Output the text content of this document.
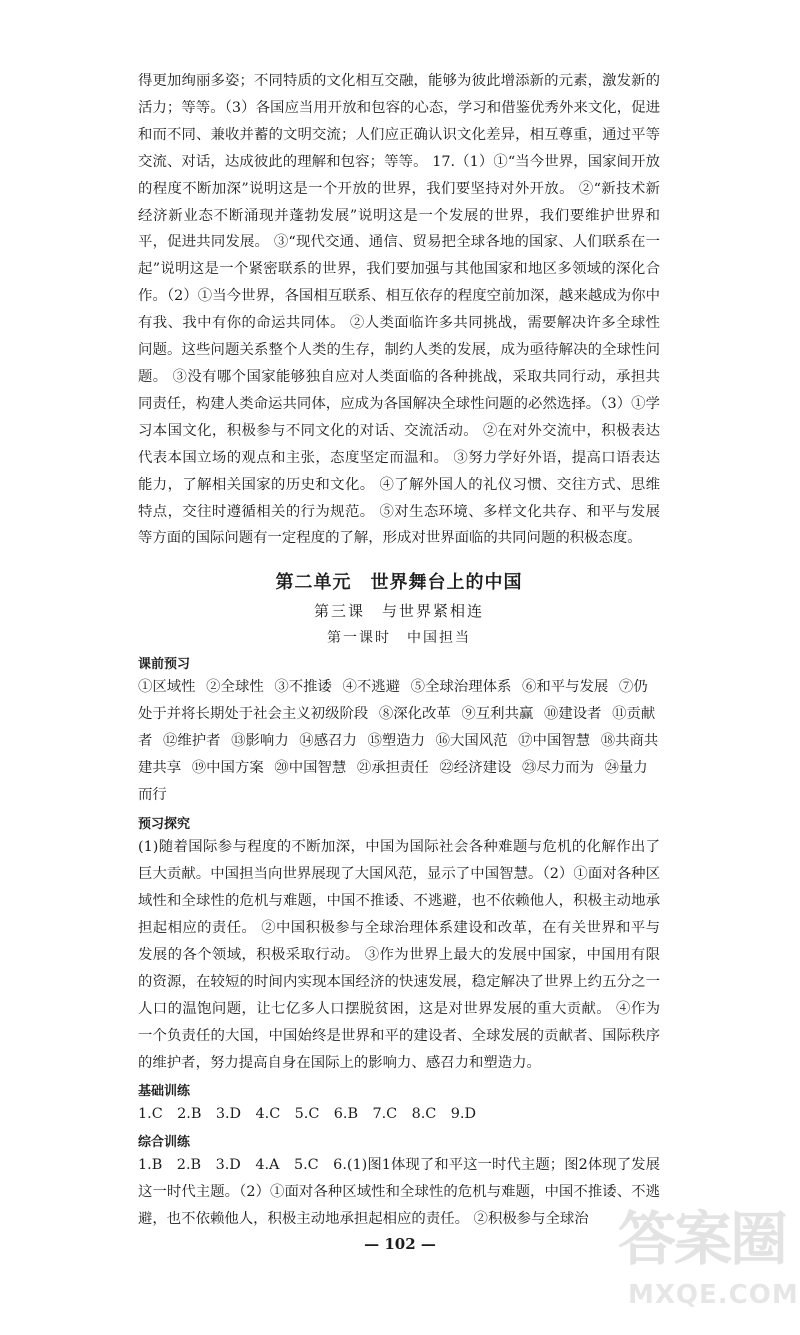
得更加绚丽多姿；不同特质的文化相互交融，能够为彼此增添新的元素，激发新的活力；等等。（3）各国应当用开放和包容的心态，学习和借鉴优秀外来文化，促进和而不同、兼收并蓄的文明交流；人们应正确认识文化差异，相互尊重，通过平等交流、对话，达成彼此的理解和包容；等等。 17.（1）①“当今世界，国家间开放的程度不断加深”说明这是一个开放的世界，我们要坚持对外开放。 ②“新技术新经济新业态不断涌现并蓬勃发展”说明这是一个发展的世界，我们要维护世界和平，促进共同发展。 ③“现代交通、通信、贸易把全球各地的国家、人们联系在一起”说明这是一个紧密联系的世界，我们要加强与其他国家和地区多领域的深化合作。（2）①当今世界，各国相互联系、相互依存的程度空前加深，越来越成为你中有我、我中有你的命运共同体。 ②人类面临许多共同挑战，需要解决许多全球性问题。这些问题关系整个人类的生存，制约人类的发展，成为亟待解决的全球性问题。 ③没有哪个国家能够独自应对人类面临的各种挑战，采取共同行动，承担共同责任，构建人类命运共同体，应成为各国解决全球性问题的必然选择。（3）①学习本国文化，积极参与不同文化的对话、交流活动。 ②在对外交流中，积极表达代表本国立场的观点和主张，态度坚定而温和。 ③努力学好外语，提高口语表达能力，了解相关国家的历史和文化。 ④了解外国人的礼仪习惯、交往方式、思维特点，交往时遵循相关的行为规范。 ⑤对生态环境、多样文化共存、和平与发展等方面的国际问题有一定程度的了解，形成对世界面临的共同问题的积极态度。

第二单元　世界舞台上的中国
第三课　与世界紧相连
第一课时　中国担当
课前预习

①区域性 ②全球性 ③不推诿 ④不逃避 ⑤全球治理体系 ⑥和平与发展 ⑦仍处于并将长期处于社会主义初级阶段 ⑧深化改革 ⑨互利共赢 ⑩建设者 ⑪贡献者 ⑫维护者 ⑬影响力 ⑭感召力 ⑮塑造力 ⑯大国风范 ⑰中国智慧 ⑱共商共建共享 ⑲中国方案 ⑳中国智慧 ㉑承担责任 ㉒经济建设 ㉓尽力而为 ㉔量力而行

预习探究

(1)随着国际参与程度的不断加深，中国为国际社会各种难题与危机的化解作出了巨大贡献。中国担当向世界展现了大国风范，显示了中国智慧。（2）①面对各种区域性和全球性的危机与难题，中国不推诿、不逃避，也不依赖他人，积极主动地承担起相应的责任。 ②中国积极参与全球治理体系建设和改革，在有关世界和平与发展的各个领域，积极采取行动。 ③作为世界上最大的发展中国家，中国用有限的资源，在较短的时间内实现本国经济的快速发展，稳定解决了世界上约五分之一人口的温饱问题，让七亿多人口摆脱贫困，这是对世界发展的重大贡献。 ④作为一个负责任的大国，中国始终是世界和平的建设者、全球发展的贡献者、国际秩序的维护者，努力提高自身在国际上的影响力、感召力和塑造力。

基础训练

1.C　2.B　3.D　4.C　5.C　6.B　7.C　8.C　9.D

综合训练

1.B　2.B　3.D　4.A　5.C　6.(1)图1体现了和平这一时代主题；图2体现了发展这一时代主题。（2）①面对各种区域性和全球性的危机与难题，中国不推诿、不逃避，也不依赖他人，积极主动地承担起相应的责任。 ②积极参与全球治

— 102 —	答案圈
MXQE.COM
